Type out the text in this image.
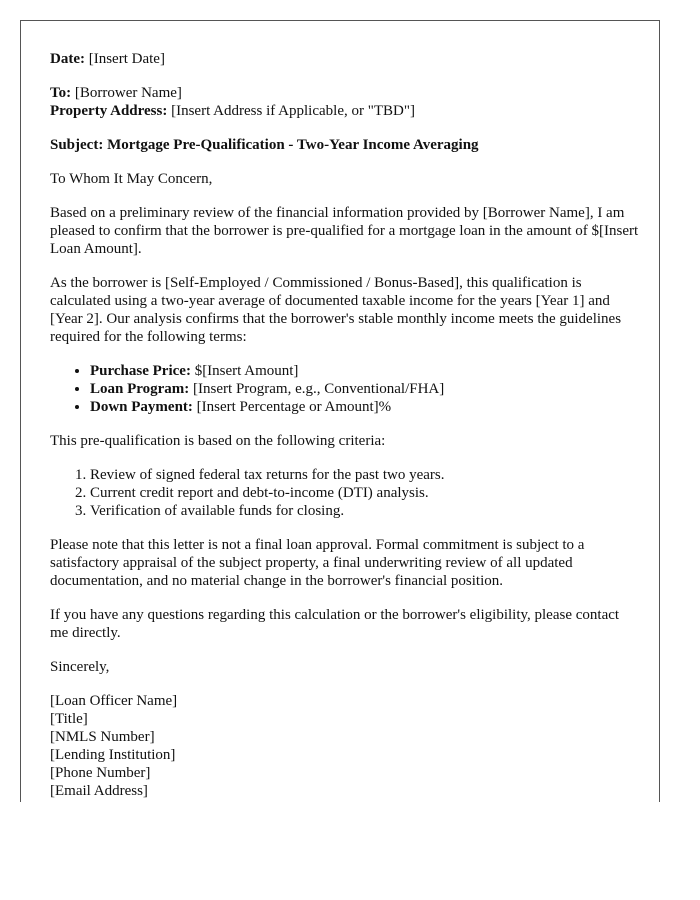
Date: [Insert Date]

To: [Borrower Name]
Property Address: [Insert Address if Applicable, or "TBD"]

Subject: Mortgage Pre-Qualification - Two-Year Income Averaging

To Whom It May Concern,

Based on a preliminary review of the financial information provided by [Borrower Name], I am pleased to confirm that the borrower is pre-qualified for a mortgage loan in the amount of $[Insert Loan Amount].

As the borrower is [Self-Employed / Commissioned / Bonus-Based], this qualification is calculated using a two-year average of documented taxable income for the years [Year 1] and [Year 2]. Our analysis confirms that the borrower's stable monthly income meets the guidelines required for the following terms:

• Purchase Price: $[Insert Amount]
• Loan Program: [Insert Program, e.g., Conventional/FHA]
• Down Payment: [Insert Percentage or Amount]%

This pre-qualification is based on the following criteria:

1. Review of signed federal tax returns for the past two years.
2. Current credit report and debt-to-income (DTI) analysis.
3. Verification of available funds for closing.

Please note that this letter is not a final loan approval. Formal commitment is subject to a satisfactory appraisal of the subject property, a final underwriting review of all updated documentation, and no material change in the borrower's financial position.

If you have any questions regarding this calculation or the borrower's eligibility, please contact me directly.

Sincerely,

[Loan Officer Name]
[Title]
[NMLS Number]
[Lending Institution]
[Phone Number]
[Email Address]
